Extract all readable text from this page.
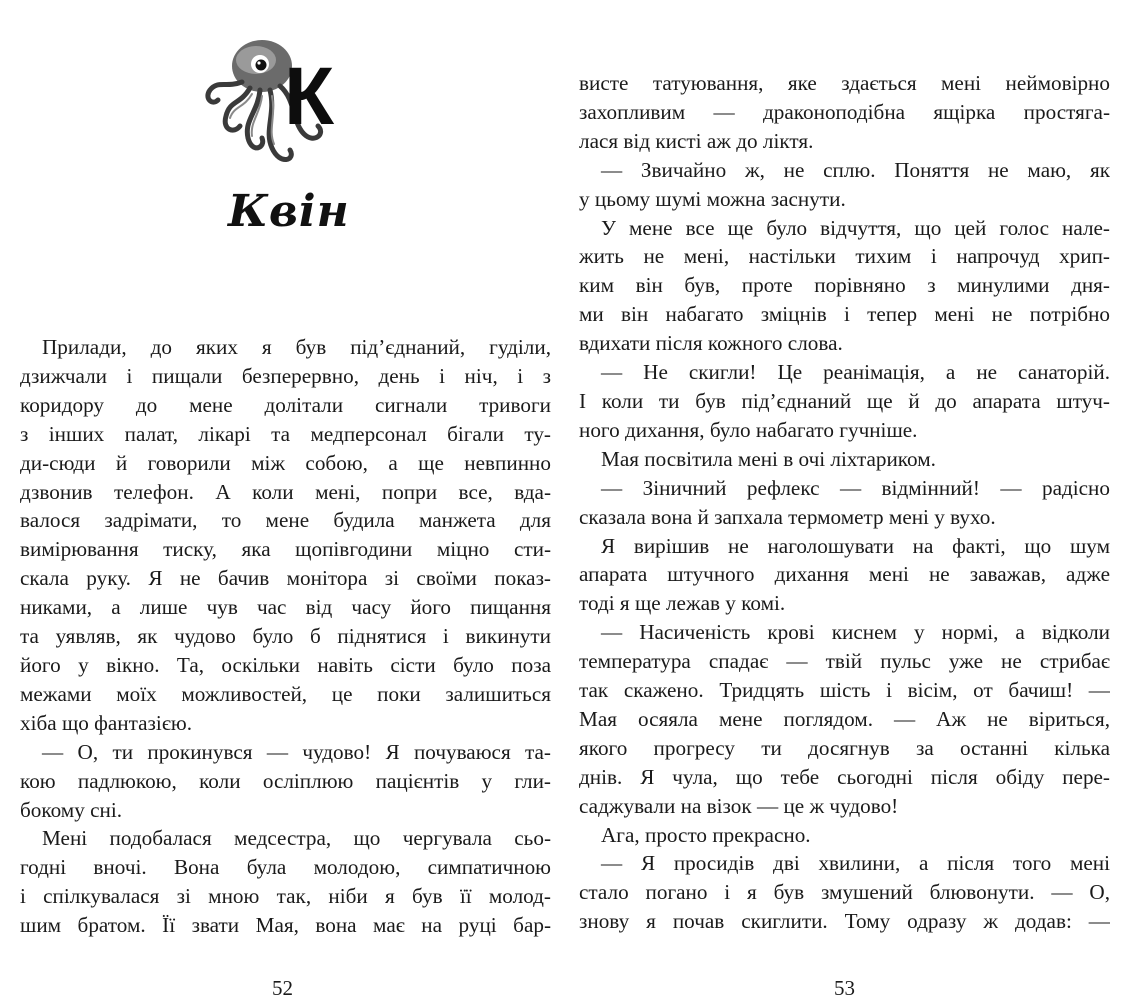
К
Квін
Прилади, до яких я був під’єднаний, гуділи,
дзижчали і пищали безперервно, день і ніч, і з
коридору до мене долітали сигнали тривоги
з інших палат, лікарі та медперсонал бігали ту-
ди-сюди й говорили між собою, а ще невпинно
дзвонив телефон. А коли мені, попри все, вда-
валося задрімати, то мене будила манжета для
вимірювання тиску, яка щопівгодини міцно сти-
скала руку. Я не бачив монітора зі своїми показ-
никами, а лише чув час від часу його пищання
та уявляв, як чудово було б піднятися і викинути
його у вікно. Та, оскільки навіть сісти було поза
межами моїх можливостей, це поки залишиться
хіба що фантазією.
— О, ти прокинувся — чудово! Я почуваюся та-
кою падлюкою, коли осліплюю пацієнтів у гли-
бокому сні.
Мені подобалася медсестра, що чергувала сьо-
годні вночі. Вона була молодою, симпатичною
і спілкувалася зі мною так, ніби я був її молод-
шим братом. Її звати Мая, вона має на руці бар-
52
висте татуювання, яке здається мені неймовірно
захопливим — драконоподібна ящірка простяга-
лася від кисті аж до ліктя.
— Звичайно ж, не сплю. Поняття не маю, як
у цьому шумі можна заснути.
У мене все ще було відчуття, що цей голос нале-
жить не мені, настільки тихим і напрочуд хрип-
ким він був, проте порівняно з минулими дня-
ми він набагато зміцнів і тепер мені не потрібно
вдихати після кожного слова.
— Не скигли! Це реанімація, а не санаторій.
І коли ти був під’єднаний ще й до апарата штуч-
ного дихання, було набагато гучніше.
Мая посвітила мені в очі ліхтариком.
— Зіничний рефлекс — відмінний! — радісно
сказала вона й запхала термометр мені у вухо.
Я вирішив не наголошувати на факті, що шум
апарата штучного дихання мені не заважав, адже
тоді я ще лежав у комі.
— Насиченість крові киснем у нормі, а відколи
температура спадає — твій пульс уже не стрибає
так скажено. Тридцять шість і вісім, от бачиш! —
Мая осяяла мене поглядом. — Аж не віриться,
якого прогресу ти досягнув за останні кілька
днів. Я чула, що тебе сьогодні після обіду пере-
саджували на візок — це ж чудово!
Ага, просто прекрасно.
— Я просидів дві хвилини, а після того мені
стало погано і я був змушений блювонути. — О,
знову я почав скиглити. Тому одразу ж додав: —
53
